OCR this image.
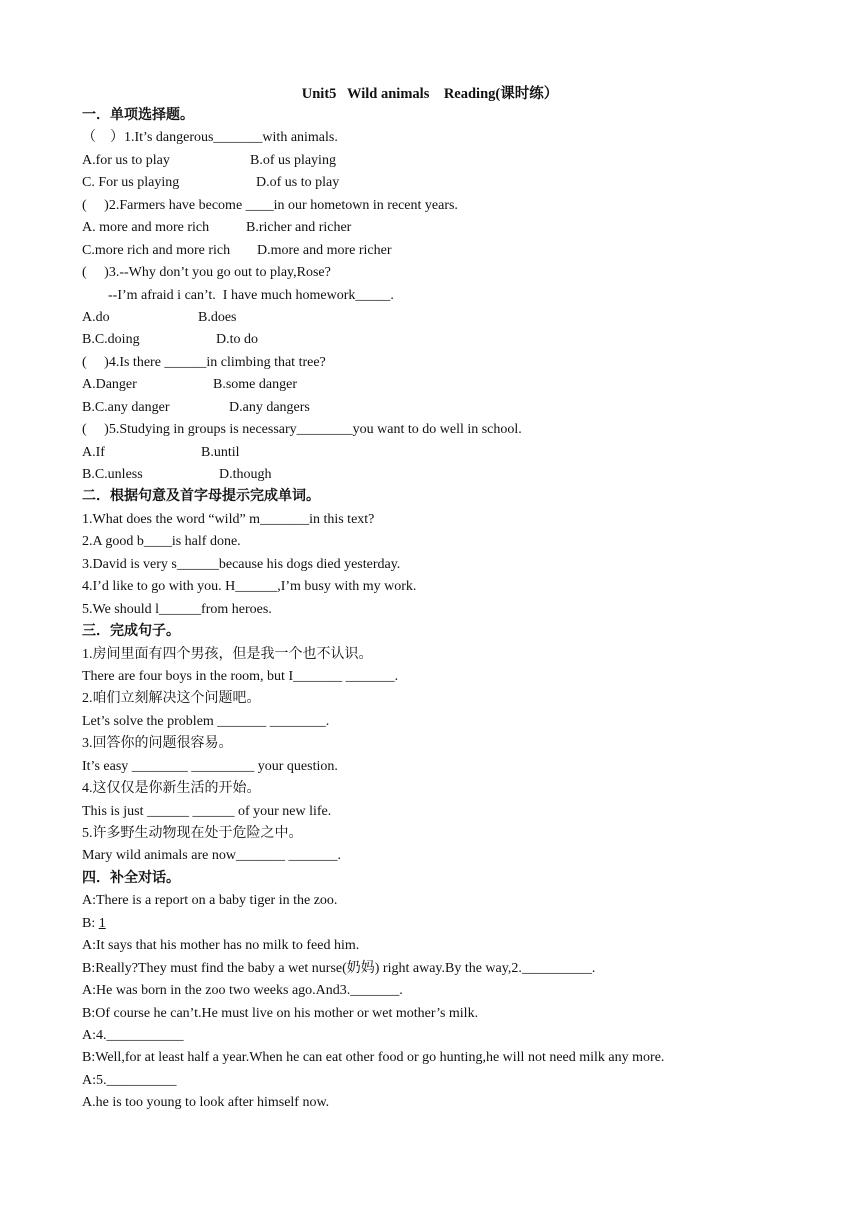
Unit5   Wild animals    Reading(课时练）
一．单项选择题。
（    ）1.It’s dangerous_______with animals.
A.for us to play	B.of us playing
C. For us playing	D.of us to play
(     )2.Farmers have become ____in our hometown in recent years.
A. more and more rich	B.richer and richer
C.more rich and more rich	D.more and more richer
(     )3.--Why don’t you go out to play,Rose?
--I’m afraid i can’t.  I have much homework_____.
A.do	B.does
B.C.doing	D.to do
(     )4.Is there ______in climbing that tree?
A.Danger	B.some danger
B.C.any danger	D.any dangers
(     )5.Studying in groups is necessary________you want to do well in school.
A.If	B.until
B.C.unless	D.though
二．根据句意及首字母提示完成单词。
1.What does the word “wild” m_______in this text?
2.A good b____is half done.
3.David is very s______because his dogs died yesterday.
4.I’d like to go with you. H______,I’m busy with my work.
5.We should l______from heroes.
三．完成句子。
1.房间里面有四个男孩，但是我一个也不认识。
There are four boys in the room, but I_______ _______.
2.咱们立刻解决这个问题吧。
Let’s solve the problem _______ ________.
3.回答你的问题很容易。
It’s easy ________ _________ your question.
4.这仅仅是你新生活的开始。
This is just ______ ______ of your new life.
5.许多野生动物现在处于危险之中。
Mary wild animals are now_______ _______.
四．补全对话。
A:There is a report on a baby tiger in the zoo.
B: 1
A:It says that his mother has no milk to feed him.
B:Really?They must find the baby a wet nurse(奶妈) right away.By the way,2.__________.
A:He was born in the zoo two weeks ago.And3._______.
B:Of course he can’t.He must live on his mother or wet mother’s milk.
A:4.___________
B:Well,for at least half a year.When he can eat other food or go hunting,he will not need milk any more.
A:5.__________
A.he is too young to look after himself now.
